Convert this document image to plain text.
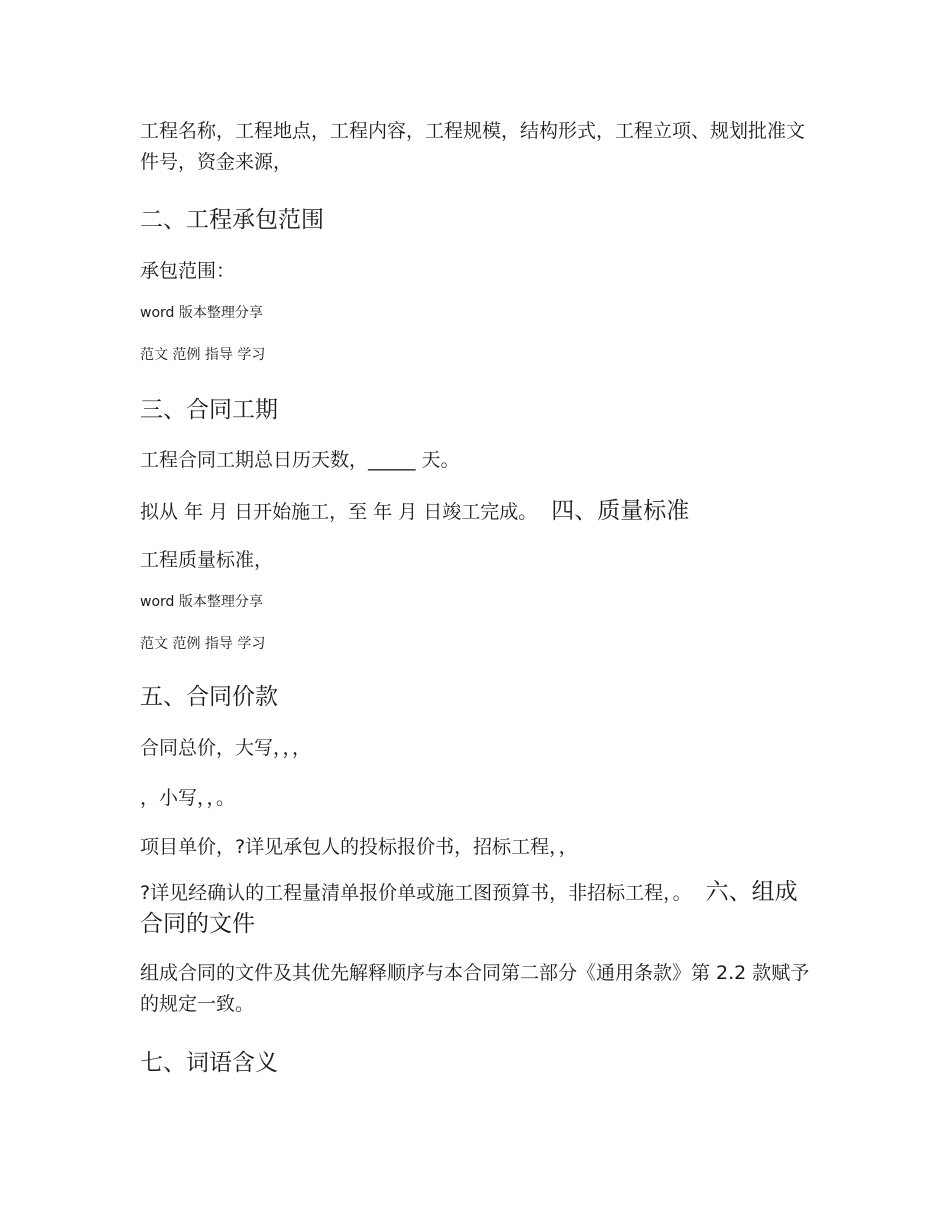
工程名称，工程地点，工程内容，工程规模，结构形式，工程立项、规划批准文件号，资金来源，
二、工程承包范围
承包范围：
word 版本整理分享
范文 范例 指导 学习
三、合同工期
工程合同工期总日历天数，_____ 天。
拟从 年 月 日开始施工，至 年 月 日竣工完成。 四、质量标准
工程质量标准，
word 版本整理分享
范文 范例 指导 学习
五、合同价款
合同总价，大写，，，
，小写，，。
项目单价，?详见承包人的投标报价书，招标工程，，
?详见经确认的工程量清单报价单或施工图预算书，非招标工程，。 六、组成合同的文件
组成合同的文件及其优先解释顺序与本合同第二部分《通用条款》第 2.2 款赋予的规定一致。
七、词语含义
